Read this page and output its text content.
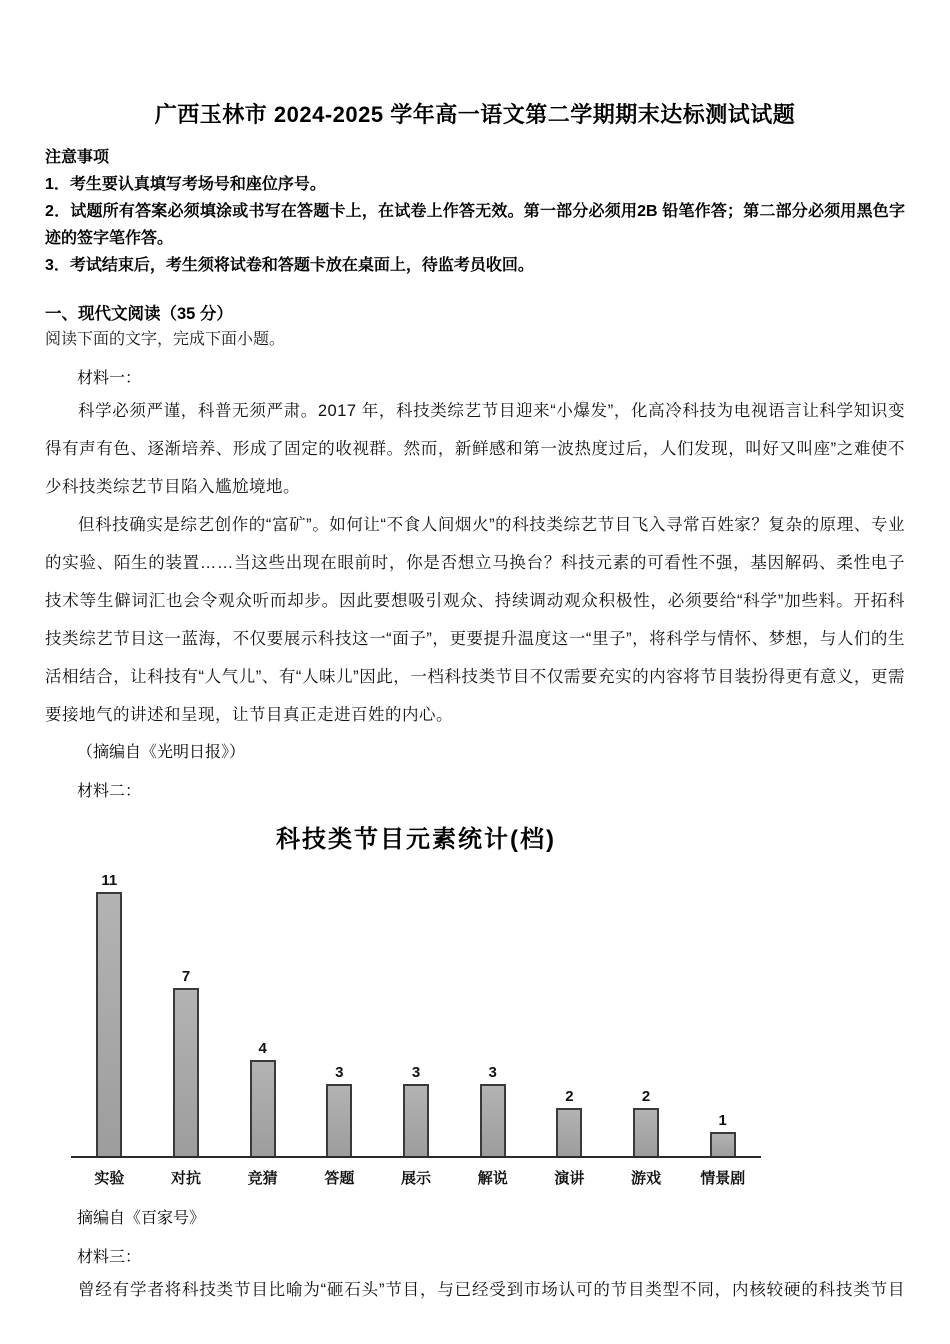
广西玉林市 2024-2025 学年高一语文第二学期期末达标测试试题
注意事项
1．考生要认真填写考场号和座位序号。
2．试题所有答案必须填涂或书写在答题卡上，在试卷上作答无效。第一部分必须用2B 铅笔作答；第二部分必须用黑色字迹的签字笔作答。
3．考试结束后，考生须将试卷和答题卡放在桌面上，待监考员收回。
一、现代文阅读（35 分）
阅读下面的文字，完成下面小题。
材料一：

科学必须严谨，科普无须严肃。2017 年，科技类综艺节目迎来“小爆发”，化高冷科技为电视语言让科学知识变得有声有色、逐渐培养、形成了固定的收视群。然而，新鲜感和第一波热度过后，人们发现，叫好又叫座”之难使不少科技类综艺节目陷入尴尬境地。

但科技确实是综艺创作的“富矿”。如何让“不食人间烟火”的科技类综艺节目飞入寻常百姓家？复杂的原理、专业的实验、陌生的装置……当这些出现在眼前时，你是否想立马换台？科技元素的可看性不强，基因解码、柔性电子技术等生僻词汇也会令观众听而却步。因此要想吸引观众、持续调动观众积极性，必须要给“科学”加些料。开拓科技类综艺节目这一蓝海，不仅要展示科技这一“面子”，更要提升温度这一“里子”，将科学与情怀、梦想，与人们的生活相结合，让科技有“人气儿”、有“人味儿”因此，一档科技类节目不仅需要充实的内容将节目装扮得更有意义，更需要接地气的讲述和呈现，让节目真正走进百姓的内心。

（摘编自《光明日报》）
材料二：
科技类节目元素统计(档)
11
7
4
3	3	3
2	2
1
实验	对抗	竞猜	答题	展示	解说	演讲	游戏	情景剧
摘编自《百家号》
材料三：

曾经有学者将科技类节目比喻为“砸石头”节目，与已经受到市场认可的节目类型不同，内核较硬的科技类节目
